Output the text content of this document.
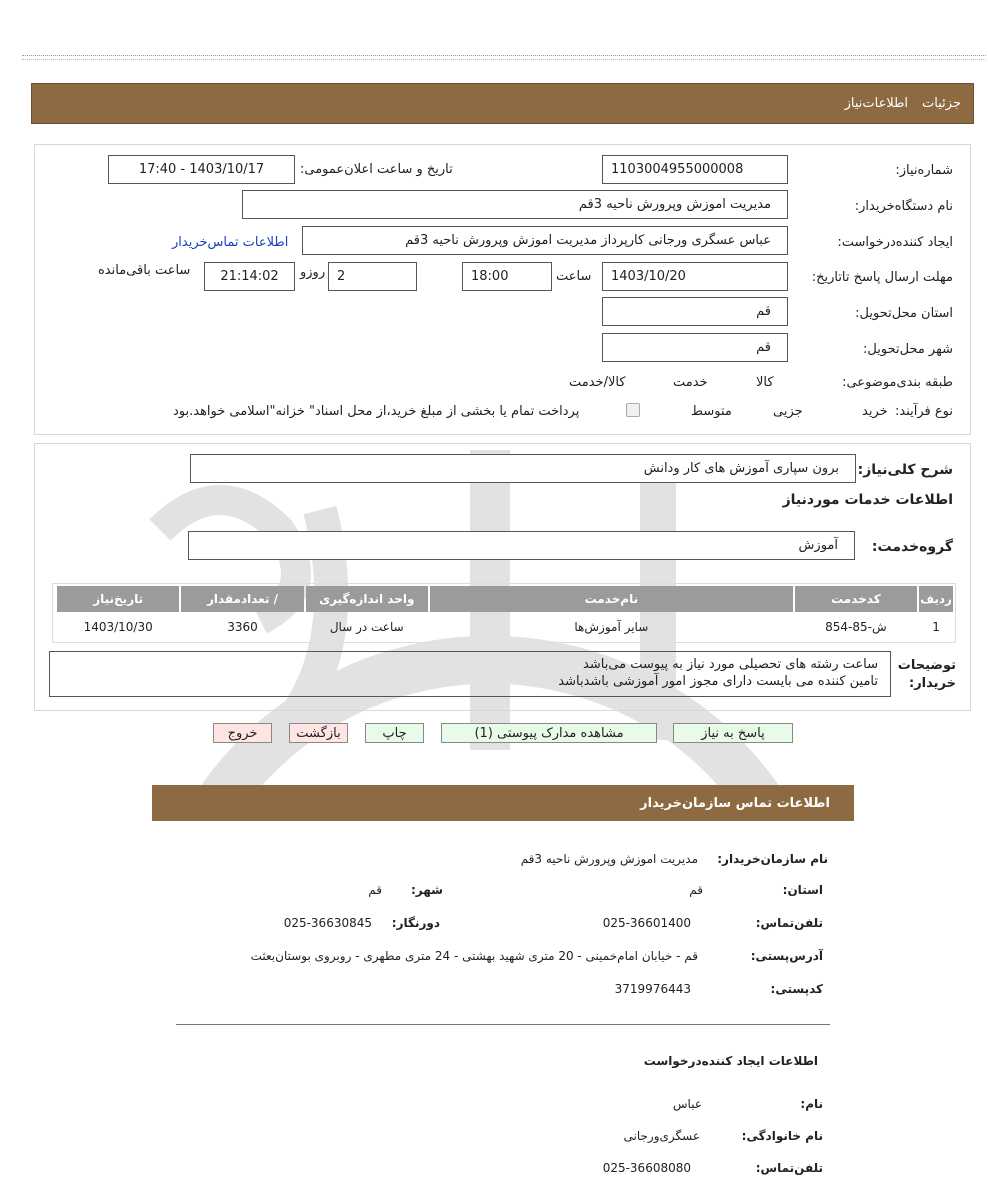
جزئیات
اطلاعات‌نیاز
شماره‌نیاز:
1103004955000008
تاریخ و ساعت اعلان‌عمومی:
1403/10/17 - 17:40
نام دستگاه‌خریدار:
مدیریت اموزش وپرورش ناحیه 3قم
ایجاد کننده‌درخواست:
عباس عسگری ورجانی کارپرداز مدیریت اموزش وپرورش ناحیه 3قم
اطلاعات تماس‌خریدار
مهلت ارسال پاسخ تا‌تاریخ:
1403/10/20
ساعت
18:00
2
روزو
21:14:02
ساعت باقی‌مانده
استان محل‌تحویل:
قم
شهر محل‌تحویل:
قم
طبقه بندی‌موضوعی:

کالا

خدمت

کالا/خدمت
نوع فرآیند:
خرید

جزیی
متوسط
پرداخت تمام یا بخشی از مبلغ خرید،از محل اسناد" خزانه"اسلامی خواهد.بود
شرح کلی‌نیاز:
برون سپاری آموزش های کار ودانش
اطلاعات خدمات موردنیاز
گروه‌خدمت:
آموزش
ردیف	کدخدمت	نام‌خدمت	واحد اندازه‌گیری	/ تعدادمقدار	تاریخ‌نیاز
1	ش-85-854	سایر آموزش‌ها	ساعت در سال	3360	1403/10/30
توضیحات خریدار:
ساعت رشته های تحصیلی مورد نیاز به پیوست می‌باشد
تامین کننده می بایست دارای مجوز امور آموزشی باشدباشد
پاسخ به نیاز
مشاهده مدارک پیوستی (1)
چاپ
بازگشت
خروج
اطلاعات تماس سازمان‌خریدار
نام سازمان‌خریدار:
مدیریت اموزش وپرورش ناحیه 3قم
استان:
قم
شهر:
قم
تلفن‌تماس:
025-36601400
دورنگار:
025-36630845
آدرس‌پستی:
قم - خیابان امام‌خمینی - 20 متری شهید بهشتی - 24 متری مطهری - روبروی بوستان‌بعثت
کدپستی:
3719976443
اطلاعات ایجاد کننده‌درخواست
نام:
عباس
نام خانوادگی:
عسگری‌ورجانی
تلفن‌تماس:
025-36608080
